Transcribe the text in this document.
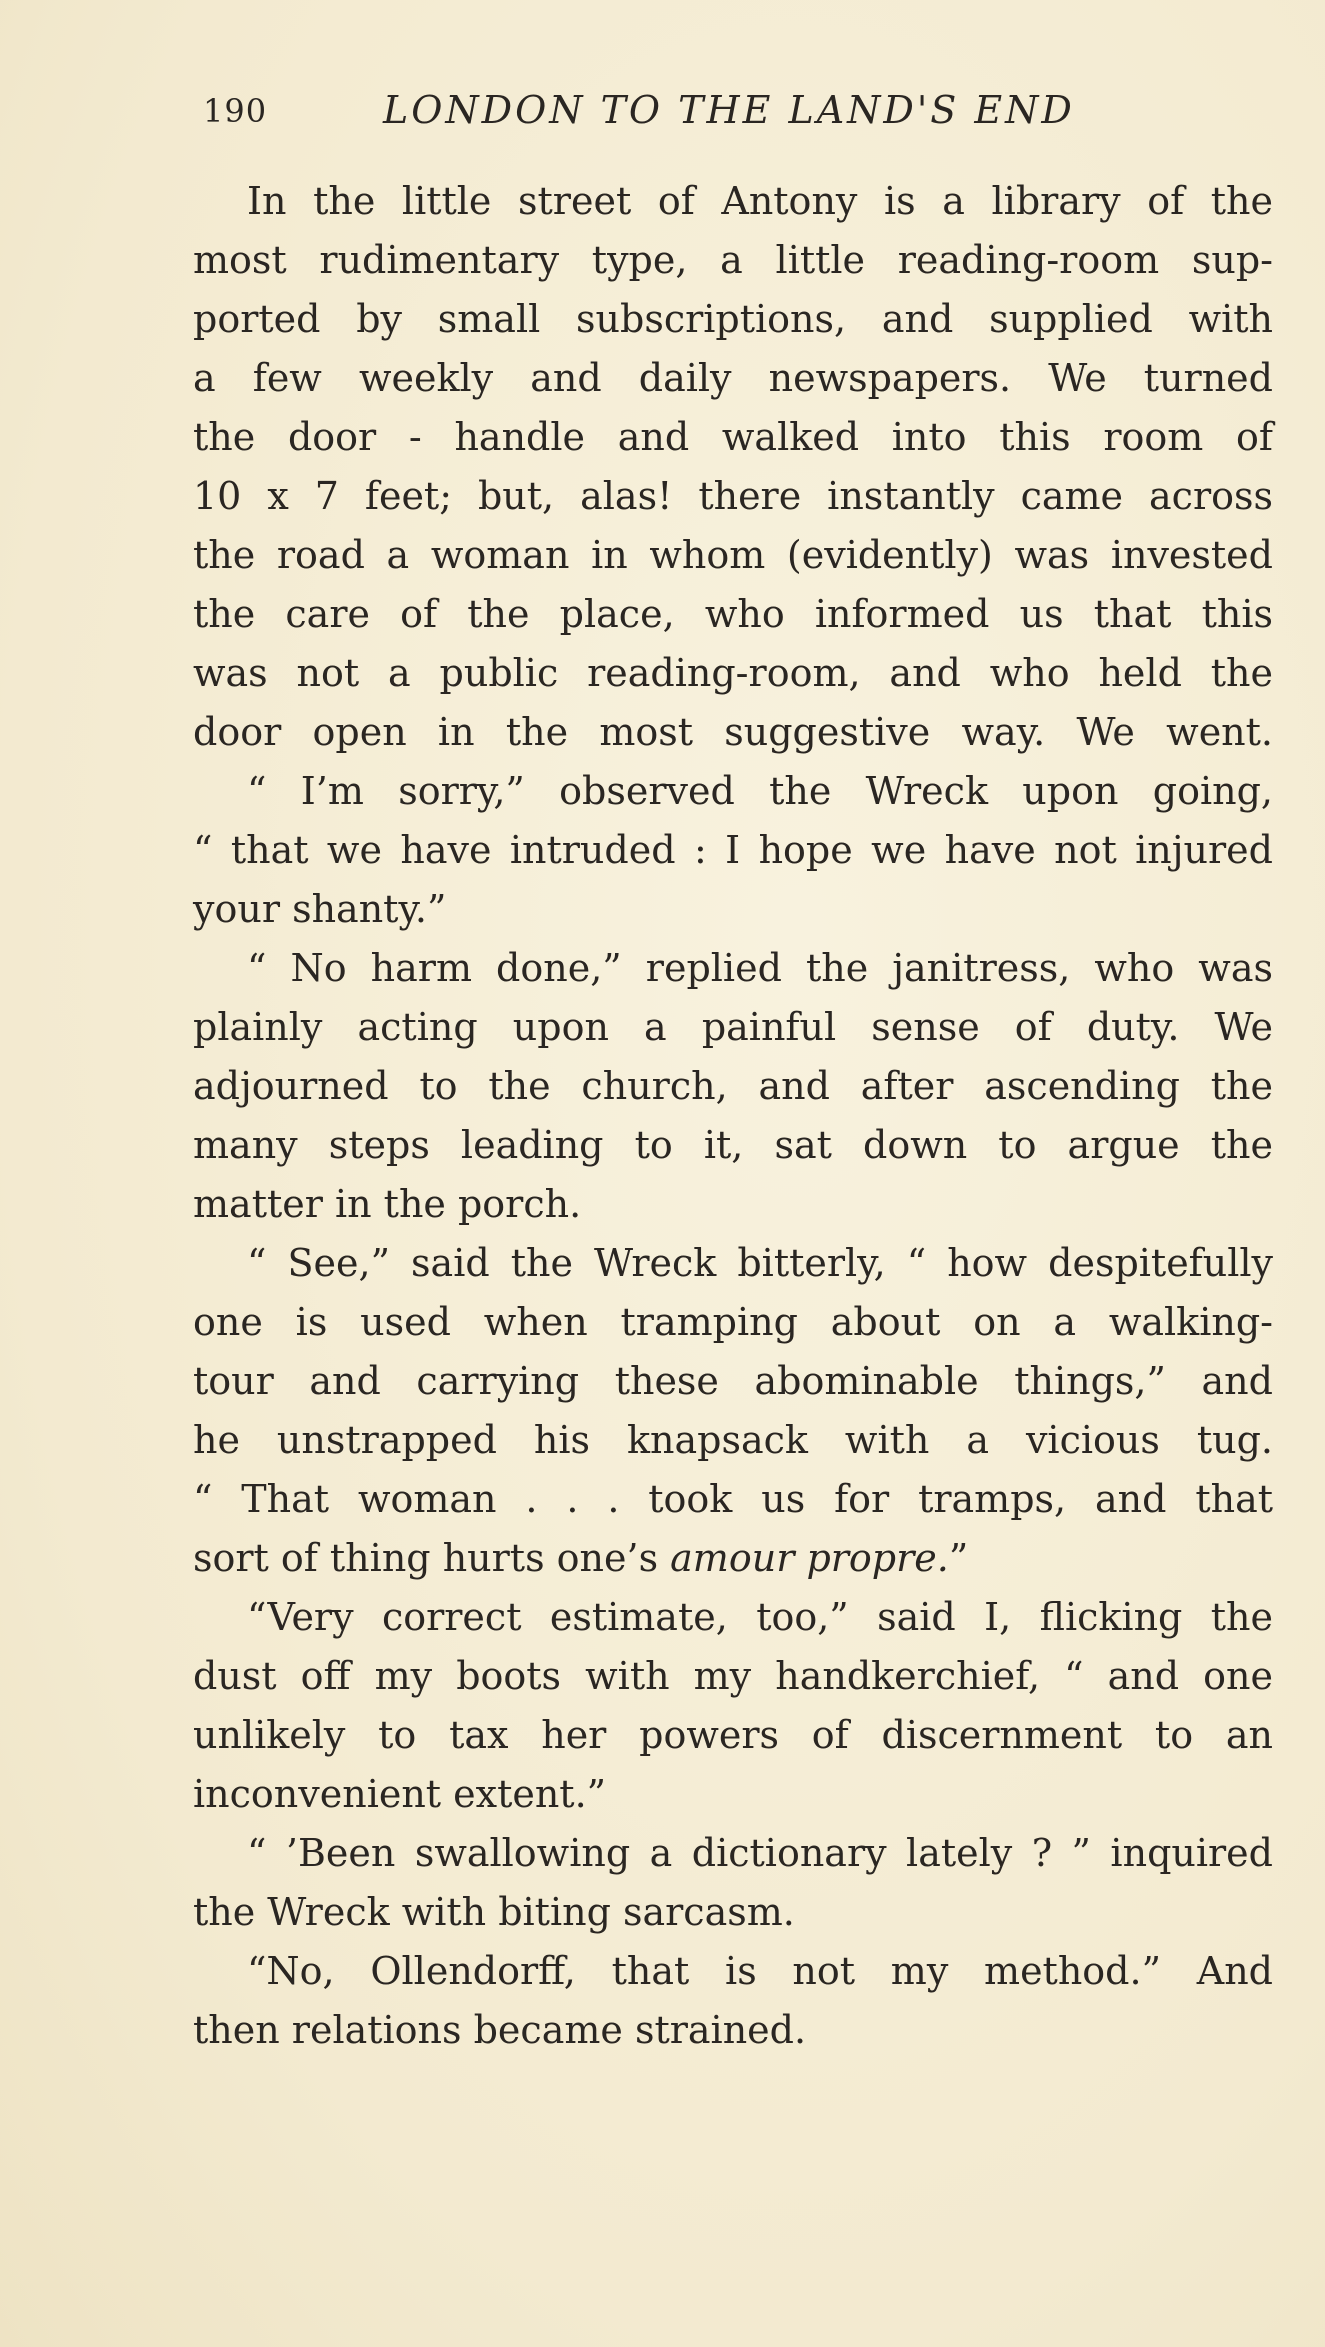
190	LONDON TO THE LAND'S END
In the little street of Antony is a library of the
most rudimentary type, a little reading-room sup-
ported by small subscriptions, and supplied with
a few weekly and daily newspapers. We turned
the door - handle and walked into this room of
10 x 7 feet; but, alas! there instantly came across
the road a woman in whom (evidently) was invested
the care of the place, who informed us that this
was not a public reading-room, and who held the
door open in the most suggestive way. We went.
“ I’m sorry,” observed the Wreck upon going,
“ that we have intruded : I hope we have not injured
your shanty.”
“ No harm done,” replied the janitress, who was
plainly acting upon a painful sense of duty. We
adjourned to the church, and after ascending the
many steps leading to it, sat down to argue the
matter in the porch.
“ See,” said the Wreck bitterly, “ how despitefully
one is used when tramping about on a walking-
tour and carrying these abominable things,” and
he unstrapped his knapsack with a vicious tug.
“ That woman . . . took us for tramps, and that
sort of thing hurts one’s amour propre.”
“Very correct estimate, too,” said I, flicking the
dust off my boots with my handkerchief, “ and one
unlikely to tax her powers of discernment to an
inconvenient extent.”
“ ’Been swallowing a dictionary lately ? ” inquired
the Wreck with biting sarcasm.
“No, Ollendorff, that is not my method.” And
then relations became strained.
